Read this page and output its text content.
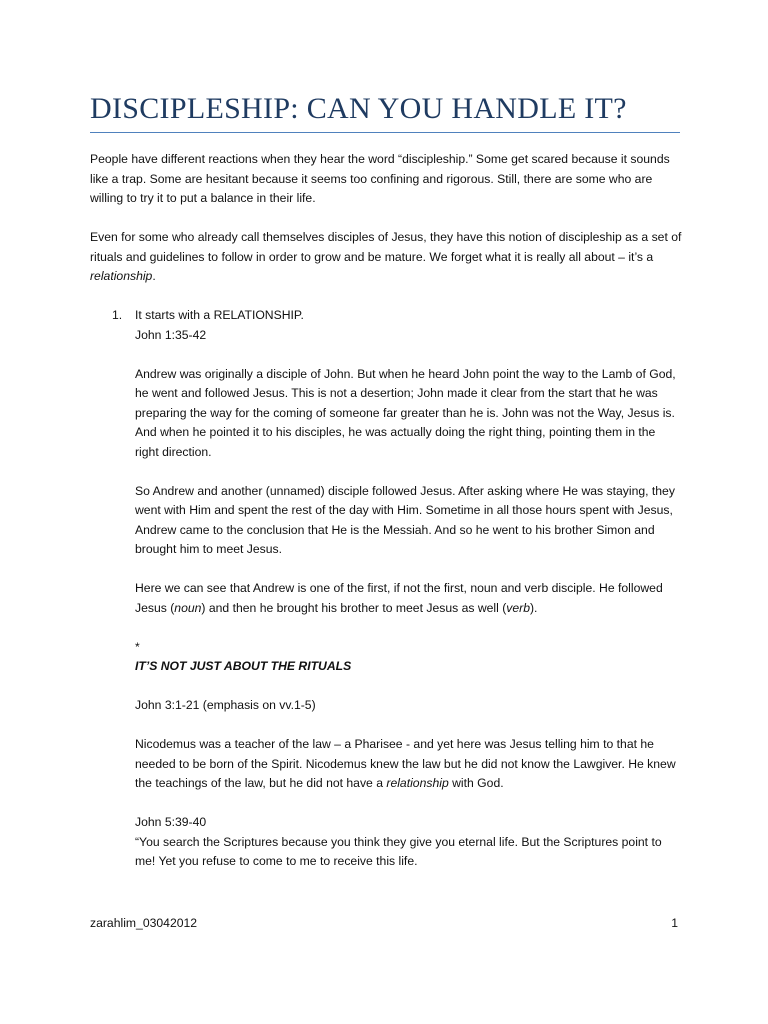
DISCIPLESHIP: CAN YOU HANDLE IT?

People have different reactions when they hear the word “discipleship.” Some get scared because it sounds like a trap. Some are hesitant because it seems too confining and rigorous. Still, there are some who are willing to try it to put a balance in their life.

Even for some who already call themselves disciples of Jesus, they have this notion of discipleship as a set of rituals and guidelines to follow in order to grow and be mature. We forget what it is really all about – it’s a relationship.

1. It starts with a RELATIONSHIP.

John 1:35-42

Andrew was originally a disciple of John. But when he heard John point the way to the Lamb of God, he went and followed Jesus. This is not a desertion; John made it clear from the start that he was preparing the way for the coming of someone far greater than he is. John was not the Way, Jesus is. And when he pointed it to his disciples, he was actually doing the right thing, pointing them in the right direction.

So Andrew and another (unnamed) disciple followed Jesus. After asking where He was staying, they went with Him and spent the rest of the day with Him. Sometime in all those hours spent with Jesus, Andrew came to the conclusion that He is the Messiah. And so he went to his brother Simon and brought him to meet Jesus.

Here we can see that Andrew is one of the first, if not the first, noun and verb disciple. He followed Jesus (noun) and then he brought his brother to meet Jesus as well (verb).

*

IT’S NOT JUST ABOUT THE RITUALS

John 3:1-21 (emphasis on vv.1-5)

Nicodemus was a teacher of the law – a Pharisee - and yet here was Jesus telling him to that he needed to be born of the Spirit. Nicodemus knew the law but he did not know the Lawgiver. He knew the teachings of the law, but he did not have a relationship with God.

John 5:39-40

“You search the Scriptures because you think they give you eternal life. But the Scriptures point to me! Yet you refuse to come to me to receive this life.

zarahlim_03042012	1
